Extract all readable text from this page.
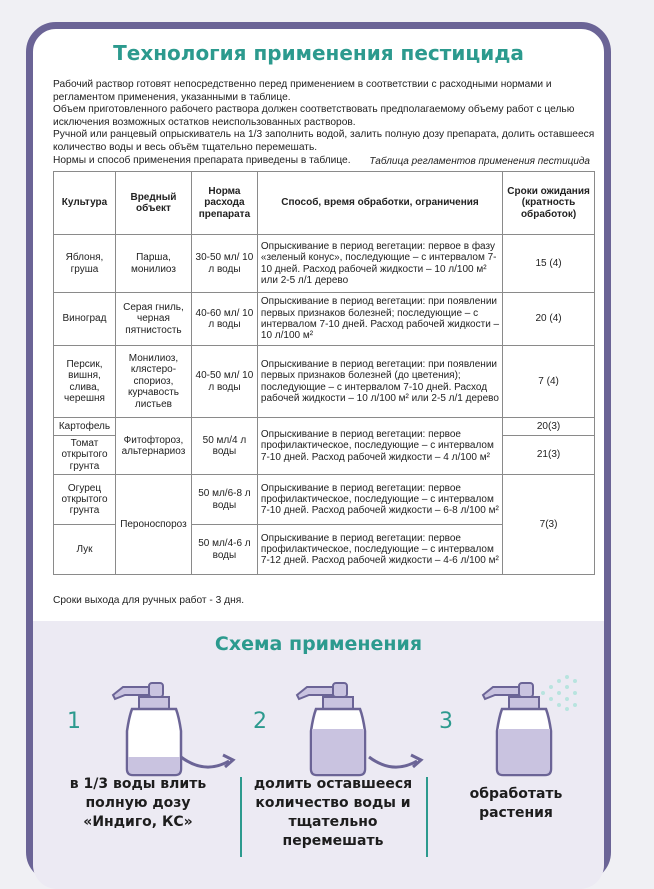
Технология применения пестицида

Рабочий раствор готовят непосредственно перед применением в соответствии с расходными нормами и регламентом применения, указанными в таблице.

Объем приготовленного рабочего раствора должен соответствовать предполагаемому объему работ с целью исключения возможных остатков неиспользованных растворов.

Ручной или ранцевый опрыскиватель на 1/3 заполнить водой, залить полную дозу препарата, долить оставшееся количество воды и весь объём тщательно перемешать.

Нормы и способ применения препарата приведены в таблице.	Таблица регламентов применения пестицида
Культура	Вредный объект	Норма расхода препарата	Способ, время обработки, ограничения	Сроки ожидания (кратность обработок)
Яблоня, груша	Парша, монилиоз	30-50 мл/ 10 л воды	Опрыскивание в период вегетации: первое в фазу «зеленый конус», последующие – с интервалом 7-10 дней. Расход рабочей жидкости – 10 л/100 м² или 2-5 л/1 дерево	15 (4)
Виноград	Серая гниль, черная пятнистость	40-60 мл/ 10 л воды	Опрыскивание в период вегетации: при появлении первых признаков болезней; последующие – с интервалом 7-10 дней. Расход рабочей жидкости – 10 л/100 м²	20 (4)
Персик, вишня, слива, черешня	Монилиоз, клястеро-спориоз, курчавость листьев	40-50 мл/ 10 л воды	Опрыскивание в период вегетации: при появлении первых признаков болезней (до цветения); последующие – с интервалом 7-10 дней. Расход рабочей жидкости – 10 л/100 м² или 2-5 л/1 дерево	7 (4)
Картофель	Фитофтороз, альтернариоз	50 мл/4 л воды	Опрыскивание в период вегетации: первое профилактическое, последующие – с интервалом 7-10 дней. Расход рабочей жидкости – 4 л/100 м²	20(3)
Томат открытого грунта				21(3)
Огурец открытого грунта	Пероноспороз	50 мл/6-8 л воды	Опрыскивание в период вегетации: первое профилактическое, последующие – с интервалом 7-10 дней. Расход рабочей жидкости – 6-8 л/100 м²	7(3)
Лук		50 мл/4-6 л воды	Опрыскивание в период вегетации: первое профилактическое, последующие – с интервалом 7-12 дней. Расход рабочей жидкости – 4-6 л/100 м²	
Сроки выхода для ручных работ - 3 дня.
Схема применения
1
в 1/3 воды влить полную дозу «Индиго, КС»
2
долить оставшееся количество воды и тщательно перемешать
3
обработать растения
